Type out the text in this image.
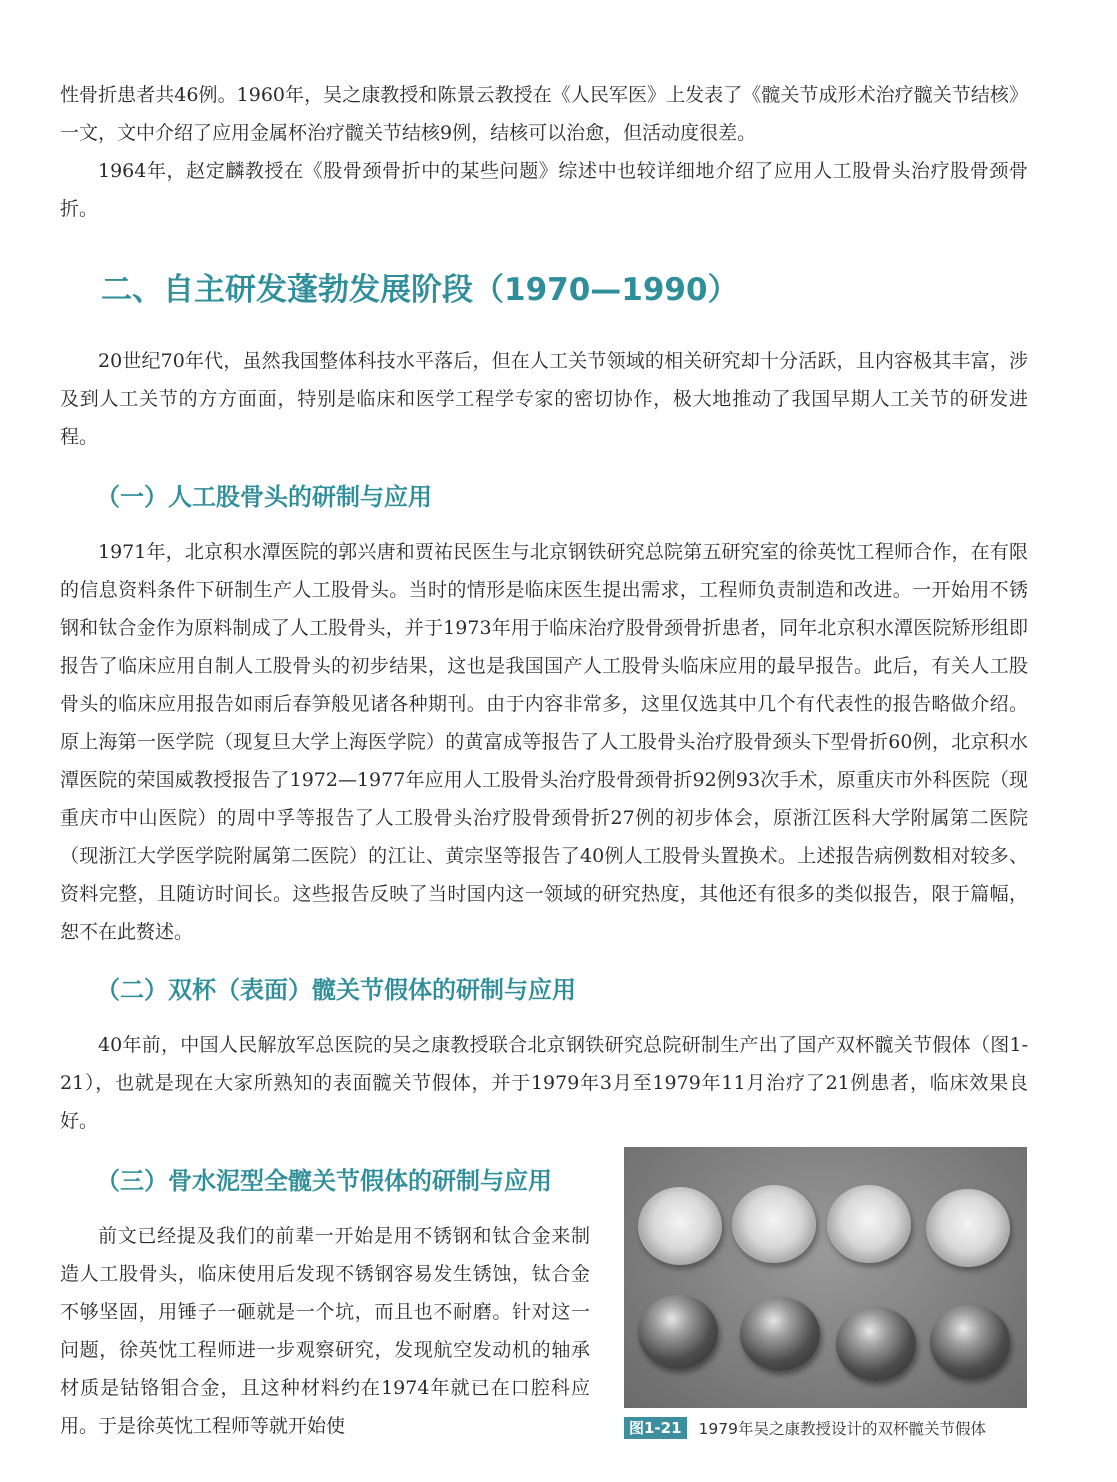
性骨折患者共46例。1960年，吴之康教授和陈景云教授在《人民军医》上发表了《髋关节成形术治疗髋关节结核》一文，文中介绍了应用金属杯治疗髋关节结核9例，结核可以治愈，但活动度很差。

1964年，赵定麟教授在《股骨颈骨折中的某些问题》综述中也较详细地介绍了应用人工股骨头治疗股骨颈骨折。

二、自主研发蓬勃发展阶段（1970—1990）

20世纪70年代，虽然我国整体科技水平落后，但在人工关节领域的相关研究却十分活跃，且内容极其丰富，涉及到人工关节的方方面面，特别是临床和医学工程学专家的密切协作，极大地推动了我国早期人工关节的研发进程。

（一）人工股骨头的研制与应用

1971年，北京积水潭医院的郭兴唐和贾祐民医生与北京钢铁研究总院第五研究室的徐英忱工程师合作，在有限的信息资料条件下研制生产人工股骨头。当时的情形是临床医生提出需求，工程师负责制造和改进。一开始用不锈钢和钛合金作为原料制成了人工股骨头，并于1973年用于临床治疗股骨颈骨折患者，同年北京积水潭医院矫形组即报告了临床应用自制人工股骨头的初步结果，这也是我国国产人工股骨头临床应用的最早报告。此后，有关人工股骨头的临床应用报告如雨后春笋般见诸各种期刊。由于内容非常多，这里仅选其中几个有代表性的报告略做介绍。原上海第一医学院（现复旦大学上海医学院）的黄富成等报告了人工股骨头治疗股骨颈头下型骨折60例，北京积水潭医院的荣国威教授报告了1972—1977年应用人工股骨头治疗股骨颈骨折92例93次手术，原重庆市外科医院（现重庆市中山医院）的周中孚等报告了人工股骨头治疗股骨颈骨折27例的初步体会，原浙江医科大学附属第二医院（现浙江大学医学院附属第二医院）的江让、黄宗坚等报告了40例人工股骨头置换术。上述报告病例数相对较多、资料完整，且随访时间长。这些报告反映了当时国内这一领域的研究热度，其他还有很多的类似报告，限于篇幅，恕不在此赘述。

（二）双杯（表面）髋关节假体的研制与应用

40年前，中国人民解放军总医院的吴之康教授联合北京钢铁研究总院研制生产出了国产双杯髋关节假体（图1-21），也就是现在大家所熟知的表面髋关节假体，并于1979年3月至1979年11月治疗了21例患者，临床效果良好。

（三）骨水泥型全髋关节假体的研制与应用

前文已经提及我们的前辈一开始是用不锈钢和钛合金来制造人工股骨头，临床使用后发现不锈钢容易发生锈蚀，钛合金不够坚固，用锤子一砸就是一个坑，而且也不耐磨。针对这一问题，徐英忱工程师进一步观察研究，发现航空发动机的轴承材质是钴铬钼合金，且这种材料约在1974年就已在口腔科应用。于是徐英忱工程师等就开始使	图1-21	1979年吴之康教授设计的双杯髋关节假体
